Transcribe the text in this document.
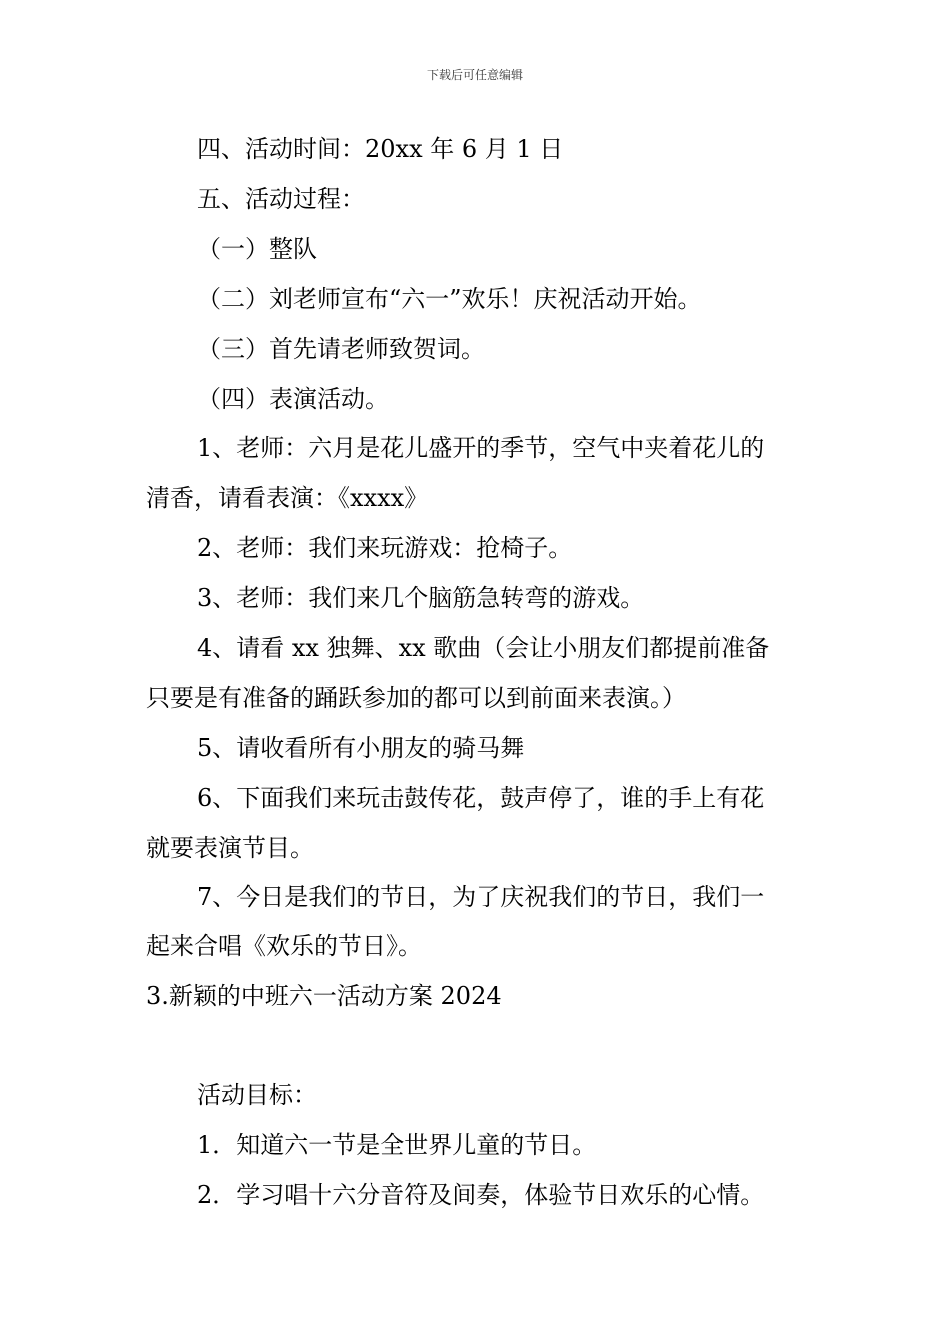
下载后可任意编辑
四、活动时间：20xx 年 6 月 1 日
五、活动过程：
（一）整队
（二）刘老师宣布“六一”欢乐！庆祝活动开始。
（三）首先请老师致贺词。
（四）表演活动。
1、老师：六月是花儿盛开的季节，空气中夹着花儿的
清香，请看表演：《xxxx》
2、老师：我们来玩游戏：抢椅子。
3、老师：我们来几个脑筋急转弯的游戏。
4、请看 xx 独舞、xx 歌曲（会让小朋友们都提前准备
只要是有准备的踊跃参加的都可以到前面来表演。）
5、请收看所有小朋友的骑马舞
6、下面我们来玩击鼓传花，鼓声停了，谁的手上有花
就要表演节目。
7、今日是我们的节日，为了庆祝我们的节日，我们一
起来合唱《欢乐的节日》。
3.新颖的中班六一活动方案 2024
活动目标：
1．知道六一节是全世界儿童的节日。
2．学习唱十六分音符及间奏，体验节日欢乐的心情。
